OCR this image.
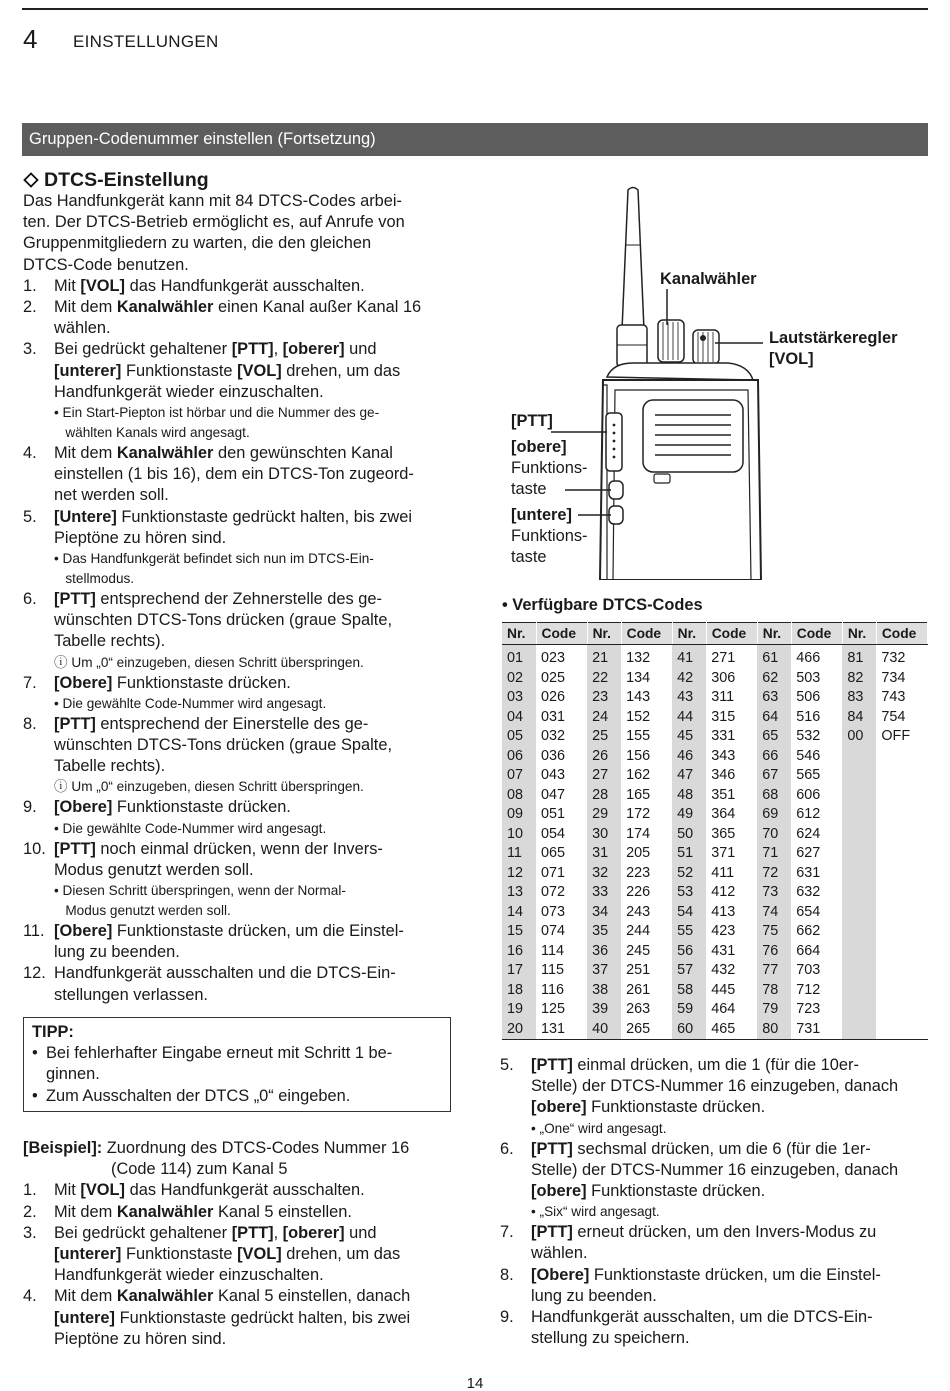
4 EINSTELLUNGEN
Gruppen-Codenummer einstellen (Fortsetzung)
DTCS-Einstellung

Das Handfunkgerät kann mit 84 DTCS-Codes arbei-
ten. Der DTCS-Betrieb ermöglicht es, auf Anrufe von
Gruppenmitgliedern zu warten, die den gleichen
DTCS-Code benutzen.

1. Mit [VOL] das Handfunkgerät ausschalten.
2. Mit dem Kanalwähler einen Kanal außer Kanal 16
wählen.
3. Bei gedrückt gehaltener [PTT], [oberer] und
[unterer] Funktionstaste [VOL] drehen, um das
Handfunkgerät wieder einzuschalten.
• Ein Start-Piepton ist hörbar und die Nummer des ge-
wählten Kanals wird angesagt.
4. Mit dem Kanalwähler den gewünschten Kanal
einstellen (1 bis 16), dem ein DTCS-Ton zugeord-
net werden soll.
5. [Untere] Funktionstaste gedrückt halten, bis zwei
Pieptöne zu hören sind.
• Das Handfunkgerät befindet sich nun im DTCS-Ein-
stellmodus.
6. [PTT] entsprechend der Zehnerstelle des ge-
wünschten DTCS-Tons drücken (graue Spalte,
Tabelle rechts).
ⓘ Um „0“ einzugeben, diesen Schritt überspringen.
7. [Obere] Funktionstaste drücken.
• Die gewählte Code-Nummer wird angesagt.
8. [PTT] entsprechend der Einerstelle des ge-
wünschten DTCS-Tons drücken (graue Spalte,
Tabelle rechts).
ⓘ Um „0“ einzugeben, diesen Schritt überspringen.
9. [Obere] Funktionstaste drücken.
• Die gewählte Code-Nummer wird angesagt.
10. [PTT] noch einmal drücken, wenn der Invers-
Modus genutzt werden soll.
• Diesen Schritt überspringen, wenn der Normal-
Modus genutzt werden soll.
11. [Obere] Funktionstaste drücken, um die Einstel-
lung zu beenden.
12. Handfunkgerät ausschalten und die DTCS-Ein-
stellungen verlassen.
TIPP:
• Bei fehlerhafter Eingabe erneut mit Schritt 1 be-
ginnen.
• Zum Ausschalten der DTCS „0“ eingeben.
[Beispiel]: Zuordnung des DTCS-Codes Nummer 16
(Code 114) zum Kanal 5
1. Mit [VOL] das Handfunkgerät ausschalten.
2. Mit dem Kanalwähler Kanal 5 einstellen.
3. Bei gedrückt gehaltener [PTT], [oberer] und
[unterer] Funktionstaste [VOL] drehen, um das
Handfunkgerät wieder einzuschalten.
4. Mit dem Kanalwähler Kanal 5 einstellen, danach
[untere] Funktionstaste gedrückt halten, bis zwei
Pieptöne zu hören sind.
5. [PTT] einmal drücken, um die 1 (für die 10er-
Stelle) der DTCS-Nummer 16 einzugeben, danach
[obere] Funktionstaste drücken.
• „One“ wird angesagt.
6. [PTT] sechsmal drücken, um die 6 (für die 1er-
Stelle) der DTCS-Nummer 16 einzugeben, danach
[obere] Funktionstaste drücken.
• „Six“ wird angesagt.
7. [PTT] erneut drücken, um den Invers-Modus zu
wählen.
8. [Obere] Funktionstaste drücken, um die Einstel-
lung zu beenden.
9. Handfunkgerät ausschalten, um die DTCS-Ein-
stellung zu speichern.
Kanalwähler
Lautstärkeregler
[VOL]
[PTT]
[obere]
Funktions-
taste
[untere]
Funktions-
taste
• Verfügbare DTCS-Codes
Nr.	Code	Nr.	Code	Nr.	Code	Nr.	Code	Nr.	Code
01	023	21	132	41	271	61	466	81	732
02	025	22	134	42	306	62	503	82	734
03	026	23	143	43	311	63	506	83	743
04	031	24	152	44	315	64	516	84	754
05	032	25	155	45	331	65	532	00	OFF
06	036	26	156	46	343	66	546		
07	043	27	162	47	346	67	565		
08	047	28	165	48	351	68	606		
09	051	29	172	49	364	69	612		
10	054	30	174	50	365	70	624		
11	065	31	205	51	371	71	627		
12	071	32	223	52	411	72	631		
13	072	33	226	53	412	73	632		
14	073	34	243	54	413	74	654		
15	074	35	244	55	423	75	662		
16	114	36	245	56	431	76	664		
17	115	37	251	57	432	77	703		
18	116	38	261	58	445	78	712		
19	125	39	263	59	464	79	723		
20	131	40	265	60	465	80	731		
14
